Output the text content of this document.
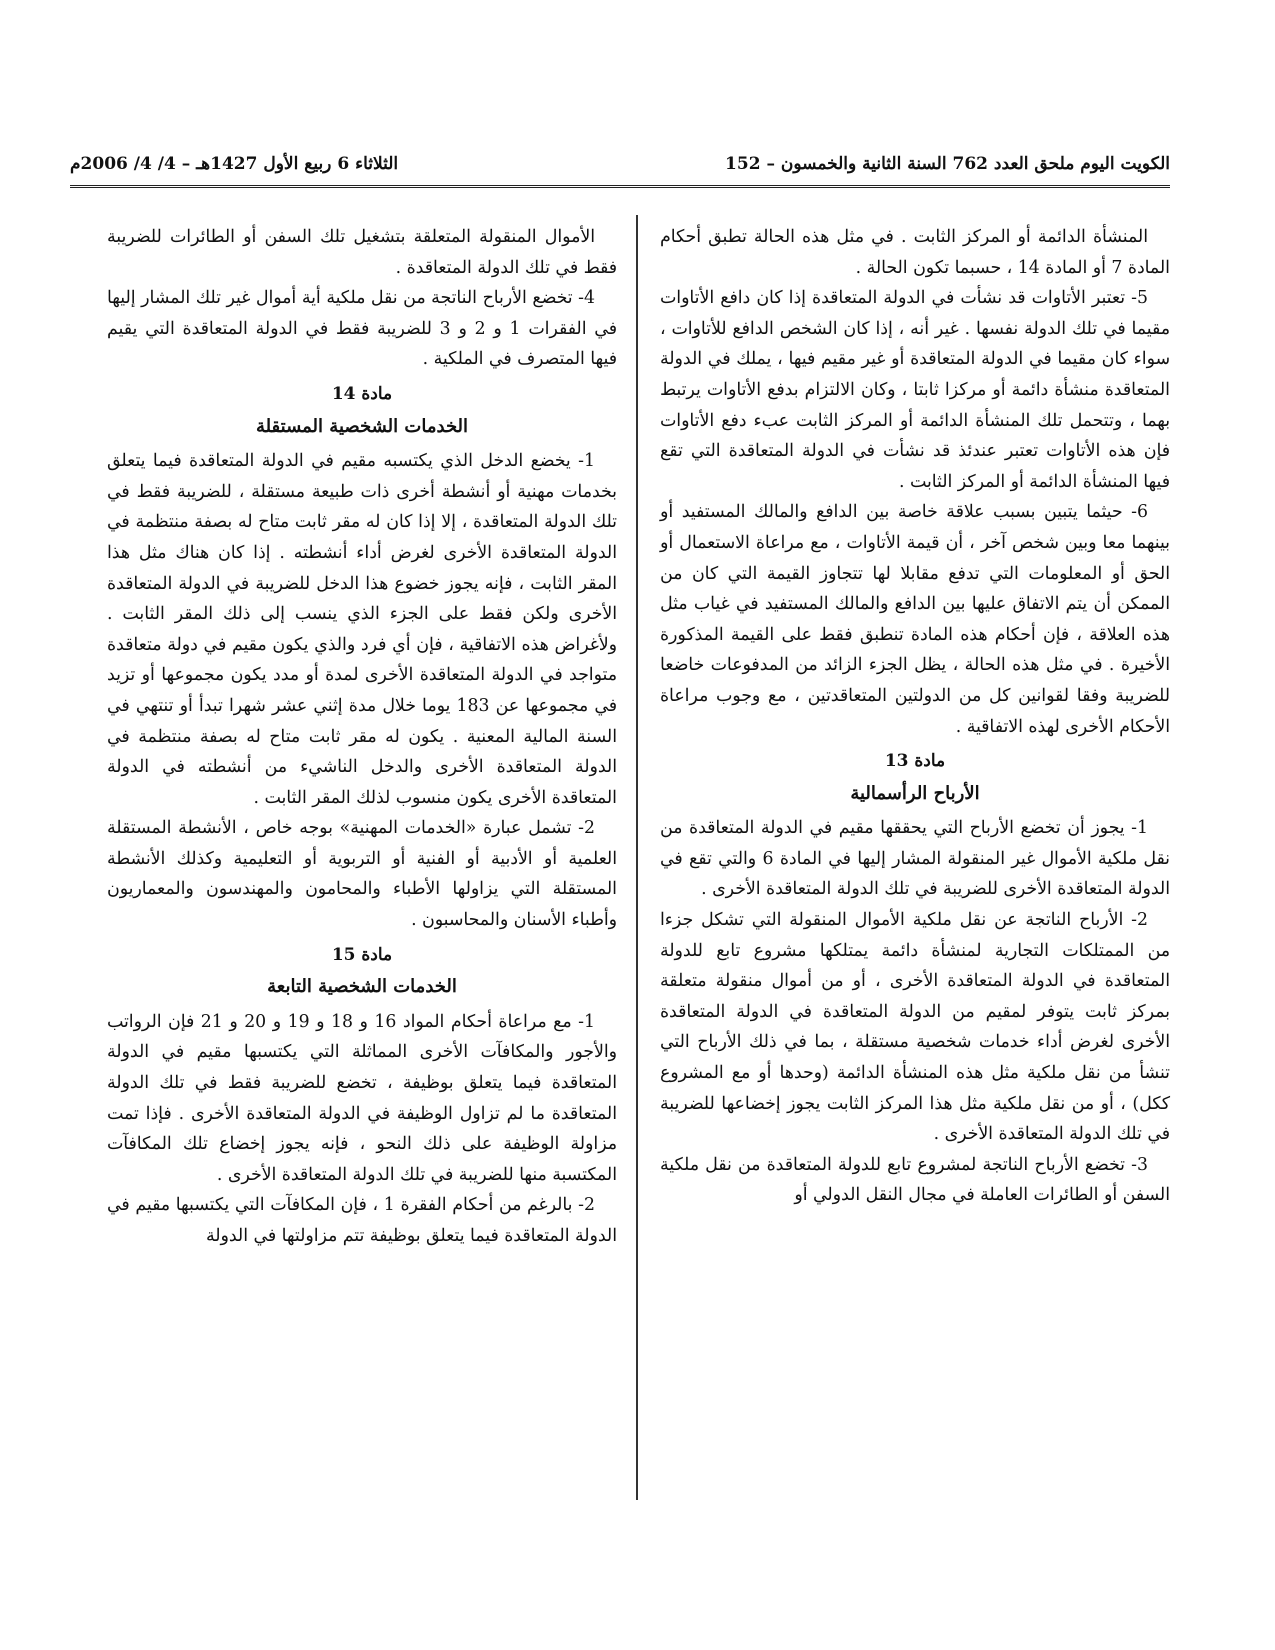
الكويت اليوم ملحق العدد 762 السنة الثانية والخمسون – 152
الثلاثاء 6 ربيع الأول 1427هـ – 4/ 4/ 2006م

المنشأة الدائمة أو المركز الثابت . في مثل هذه الحالة تطبق أحكام المادة 7 أو المادة 14 ، حسبما تكون الحالة .

5- تعتبر الأتاوات قد نشأت في الدولة المتعاقدة إذا كان دافع الأتاوات مقيما في تلك الدولة نفسها . غير أنه ، إذا كان الشخص الدافع للأتاوات ، سواء كان مقيما في الدولة المتعاقدة أو غير مقيم فيها ، يملك في الدولة المتعاقدة منشأة دائمة أو مركزا ثابتا ، وكان الالتزام بدفع الأتاوات يرتبط بهما ، وتتحمل تلك المنشأة الدائمة أو المركز الثابت عبء دفع الأتاوات فإن هذه الأتاوات تعتبر عندئذ قد نشأت في الدولة المتعاقدة التي تقع فيها المنشأة الدائمة أو المركز الثابت .

6- حيثما يتبين بسبب علاقة خاصة بين الدافع والمالك المستفيد أو بينهما معا وبين شخص آخر ، أن قيمة الأتاوات ، مع مراعاة الاستعمال أو الحق أو المعلومات التي تدفع مقابلا لها تتجاوز القيمة التي كان من الممكن أن يتم الاتفاق عليها بين الدافع والمالك المستفيد في غياب مثل هذه العلاقة ، فإن أحكام هذه المادة تنطبق فقط على القيمة المذكورة الأخيرة . في مثل هذه الحالة ، يظل الجزء الزائد من المدفوعات خاضعا للضريبة وفقا لقوانين كل من الدولتين المتعاقدتين ، مع وجوب مراعاة الأحكام الأخرى لهذه الاتفاقية .

مادة 13
الأرباح الرأسمالية

1- يجوز أن تخضع الأرباح التي يحققها مقيم في الدولة المتعاقدة من نقل ملكية الأموال غير المنقولة المشار إليها في المادة 6 والتي تقع في الدولة المتعاقدة الأخرى للضريبة في تلك الدولة المتعاقدة الأخرى .

2- الأرباح الناتجة عن نقل ملكية الأموال المنقولة التي تشكل جزءا من الممتلكات التجارية لمنشأة دائمة يمتلكها مشروع تابع للدولة المتعاقدة في الدولة المتعاقدة الأخرى ، أو من أموال منقولة متعلقة بمركز ثابت يتوفر لمقيم من الدولة المتعاقدة في الدولة المتعاقدة الأخرى لغرض أداء خدمات شخصية مستقلة ، بما في ذلك الأرباح التي تنشأ من نقل ملكية مثل هذه المنشأة الدائمة (وحدها أو مع المشروع ككل) ، أو من نقل ملكية مثل هذا المركز الثابت يجوز إخضاعها للضريبة في تلك الدولة المتعاقدة الأخرى .

3- تخضع الأرباح الناتجة لمشروع تابع للدولة المتعاقدة من نقل ملكية السفن أو الطائرات العاملة في مجال النقل الدولي أو

الأموال المنقولة المتعلقة بتشغيل تلك السفن أو الطائرات للضريبة فقط في تلك الدولة المتعاقدة .

4- تخضع الأرباح الناتجة من نقل ملكية أية أموال غير تلك المشار إليها في الفقرات 1 و 2 و 3 للضريبة فقط في الدولة المتعاقدة التي يقيم فيها المتصرف في الملكية .

مادة 14
الخدمات الشخصية المستقلة

1- يخضع الدخل الذي يكتسبه مقيم في الدولة المتعاقدة فيما يتعلق بخدمات مهنية أو أنشطة أخرى ذات طبيعة مستقلة ، للضريبة فقط في تلك الدولة المتعاقدة ، إلا إذا كان له مقر ثابت متاح له بصفة منتظمة في الدولة المتعاقدة الأخرى لغرض أداء أنشطته . إذا كان هناك مثل هذا المقر الثابت ، فإنه يجوز خضوع هذا الدخل للضريبة في الدولة المتعاقدة الأخرى ولكن فقط على الجزء الذي ينسب إلى ذلك المقر الثابت . ولأغراض هذه الاتفاقية ، فإن أي فرد والذي يكون مقيم في دولة متعاقدة متواجد في الدولة المتعاقدة الأخرى لمدة أو مدد يكون مجموعها أو تزيد في مجموعها عن 183 يوما خلال مدة إثني عشر شهرا تبدأ أو تنتهي في السنة المالية المعنية . يكون له مقر ثابت متاح له بصفة منتظمة في الدولة المتعاقدة الأخرى والدخل الناشيء من أنشطته في الدولة المتعاقدة الأخرى يكون منسوب لذلك المقر الثابت .

2- تشمل عبارة «الخدمات المهنية» بوجه خاص ، الأنشطة المستقلة العلمية أو الأدبية أو الفنية أو التربوية أو التعليمية وكذلك الأنشطة المستقلة التي يزاولها الأطباء والمحامون والمهندسون والمعماريون وأطباء الأسنان والمحاسبون .

مادة 15
الخدمات الشخصية التابعة

1- مع مراعاة أحكام المواد 16 و 18 و 19 و 20 و 21 فإن الرواتب والأجور والمكافآت الأخرى المماثلة التي يكتسبها مقيم في الدولة المتعاقدة فيما يتعلق بوظيفة ، تخضع للضريبة فقط في تلك الدولة المتعاقدة ما لم تزاول الوظيفة في الدولة المتعاقدة الأخرى . فإذا تمت مزاولة الوظيفة على ذلك النحو ، فإنه يجوز إخضاع تلك المكافآت المكتسبة منها للضريبة في تلك الدولة المتعاقدة الأخرى .

2- بالرغم من أحكام الفقرة 1 ، فإن المكافآت التي يكتسبها مقيم في الدولة المتعاقدة فيما يتعلق بوظيفة تتم مزاولتها في الدولة
